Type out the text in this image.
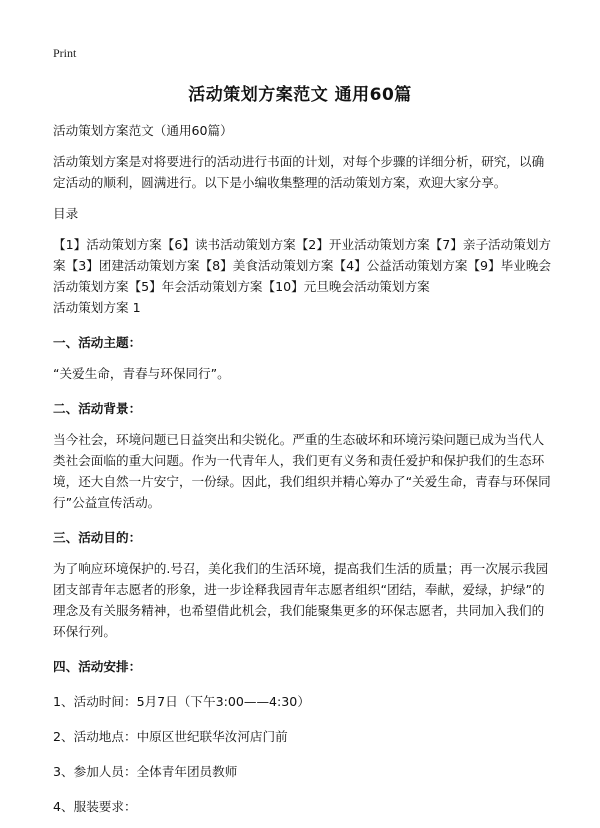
Print
活动策划方案范文 通用60篇

活动策划方案范文（通用60篇）

活动策划方案是对将要进行的活动进行书面的计划，对每个步骤的详细分析，研究，以确定活动的顺利，圆满进行。以下是小编收集整理的活动策划方案，欢迎大家分享。

目录

【1】活动策划方案【6】读书活动策划方案【2】开业活动策划方案【7】亲子活动策划方案【3】团建活动策划方案【8】美食活动策划方案【4】公益活动策划方案【9】毕业晚会活动策划方案【5】年会活动策划方案【10】元旦晚会活动策划方案

活动策划方案 1

一、活动主题：

“关爱生命，青春与环保同行”。

二、活动背景：

当今社会，环境问题已日益突出和尖锐化。严重的生态破坏和环境污染问题已成为当代人类社会面临的重大问题。作为一代青年人，我们更有义务和责任爱护和保护我们的生态环境，还大自然一片安宁，一份绿。因此，我们组织并精心筹办了“关爱生命，青春与环保同行”公益宣传活动。

三、活动目的：

为了响应环境保护的.号召，美化我们的生活环境，提高我们生活的质量；再一次展示我园团支部青年志愿者的形象，进一步诠释我园青年志愿者组织“团结，奉献，爱绿，护绿”的理念及有关服务精神，也希望借此机会，我们能聚集更多的环保志愿者，共同加入我们的环保行列。

四、活动安排：

1、活动时间：5月7日（下午3:00——4:30）

2、活动地点：中原区世纪联华汝河店门前

3、参加人员：全体青年团员教师

4、服装要求：
